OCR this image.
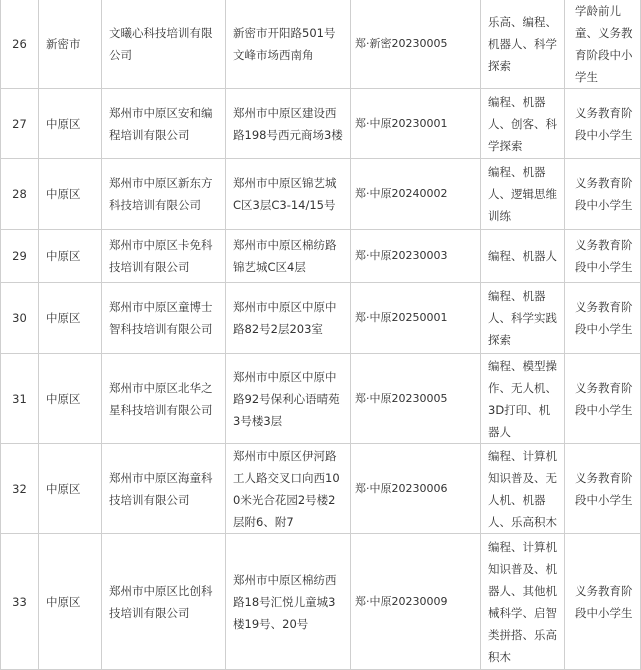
26	新密市	文曦心科技培训有限公司	新密市开阳路501号文峰市场西南角	郑·新密20230005	乐高、编程、机器人、科学探索	学龄前儿童、义务教育阶段中小学生
27	中原区	郑州市中原区安和编程培训有限公司	郑州市中原区建设西路198号西元商场3楼	郑·中原20230001	编程、机器人、创客、科学探索	义务教育阶段中小学生
28	中原区	郑州市中原区新东方科技培训有限公司	郑州市中原区锦艺城C区3层C3-14/15号	郑·中原20240002	编程、机器人、逻辑思维训练	义务教育阶段中小学生
29	中原区	郑州市中原区卡免科技培训有限公司	郑州市中原区棉纺路锦艺城C区4层	郑·中原20230003	编程、机器人	义务教育阶段中小学生
30	中原区	郑州市中原区童博士智科技培训有限公司	郑州市中原区中原中路82号2层203室	郑·中原20250001	编程、机器人、科学实践探索	义务教育阶段中小学生
31	中原区	郑州市中原区北华之星科技培训有限公司	郑州市中原区中原中路92号保利心语晴苑3号楼3层	郑·中原20230005	编程、模型操作、无人机、3D打印、机器人	义务教育阶段中小学生
32	中原区	郑州市中原区海童科技培训有限公司	郑州市中原区伊河路工人路交叉口向西100米光合花园2号楼2层附6、附7	郑·中原20230006	编程、计算机知识普及、无人机、机器人、乐高积木	义务教育阶段中小学生
33	中原区	郑州市中原区比创科技培训有限公司	郑州市中原区棉纺西路18号汇悦儿童城3楼19号、20号	郑·中原20230009	编程、计算机知识普及、机器人、其他机械科学、启智类拼搭、乐高积木	义务教育阶段中小学生
